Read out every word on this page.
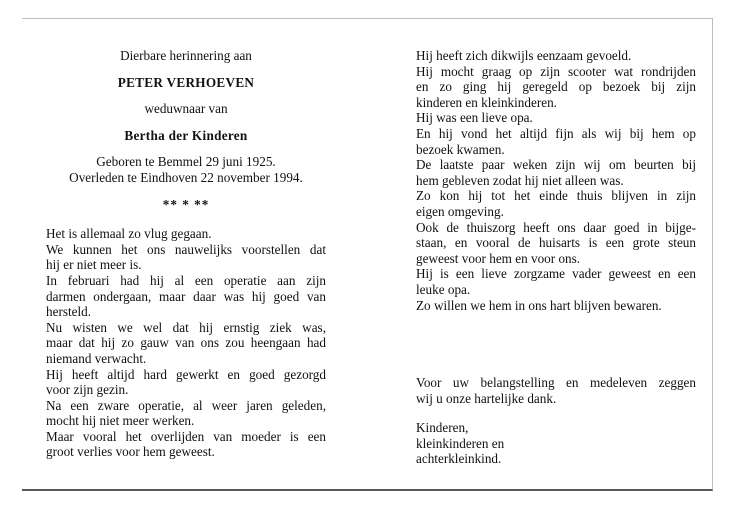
Dierbare herinnering aan
PETER VERHOEVEN
weduwnaar van
Bertha der Kinderen
Geboren te Bemmel 29 juni 1925.
Overleden te Eindhoven 22 november 1994.
** * **
Het is allemaal zo vlug gegaan.
We kunnen het ons nauwelijks voorstellen dat
hij er niet meer is.
In februari had hij al een operatie aan zijn
darmen ondergaan, maar daar was hij goed van
hersteld.
Nu wisten we wel dat hij ernstig ziek was,
maar dat hij zo gauw van ons zou heengaan had
niemand verwacht.
Hij heeft altijd hard gewerkt en goed gezorgd
voor zijn gezin.
Na een zware operatie, al weer jaren geleden,
mocht hij niet meer werken.
Maar vooral het overlijden van moeder is een
groot verlies voor hem geweest.
Hij heeft zich dikwijls eenzaam gevoeld.
Hij mocht graag op zijn scooter wat rondrijden
en zo ging hij geregeld op bezoek bij zijn
kinderen en kleinkinderen.
Hij was een lieve opa.
En hij vond het altijd fijn als wij bij hem op
bezoek kwamen.
De laatste paar weken zijn wij om beurten bij
hem gebleven zodat hij niet alleen was.
Zo kon hij tot het einde thuis blijven in zijn
eigen omgeving.
Ook de thuiszorg heeft ons daar goed in bijge-
staan, en vooral de huisarts is een grote steun
geweest voor hem en voor ons.
Hij is een lieve zorgzame vader geweest en een
leuke opa.
Zo willen we hem in ons hart blijven bewaren.
Voor uw belangstelling en medeleven zeggen
wij u onze hartelijke dank.
Kinderen,
kleinkinderen en
achterkleinkind.
